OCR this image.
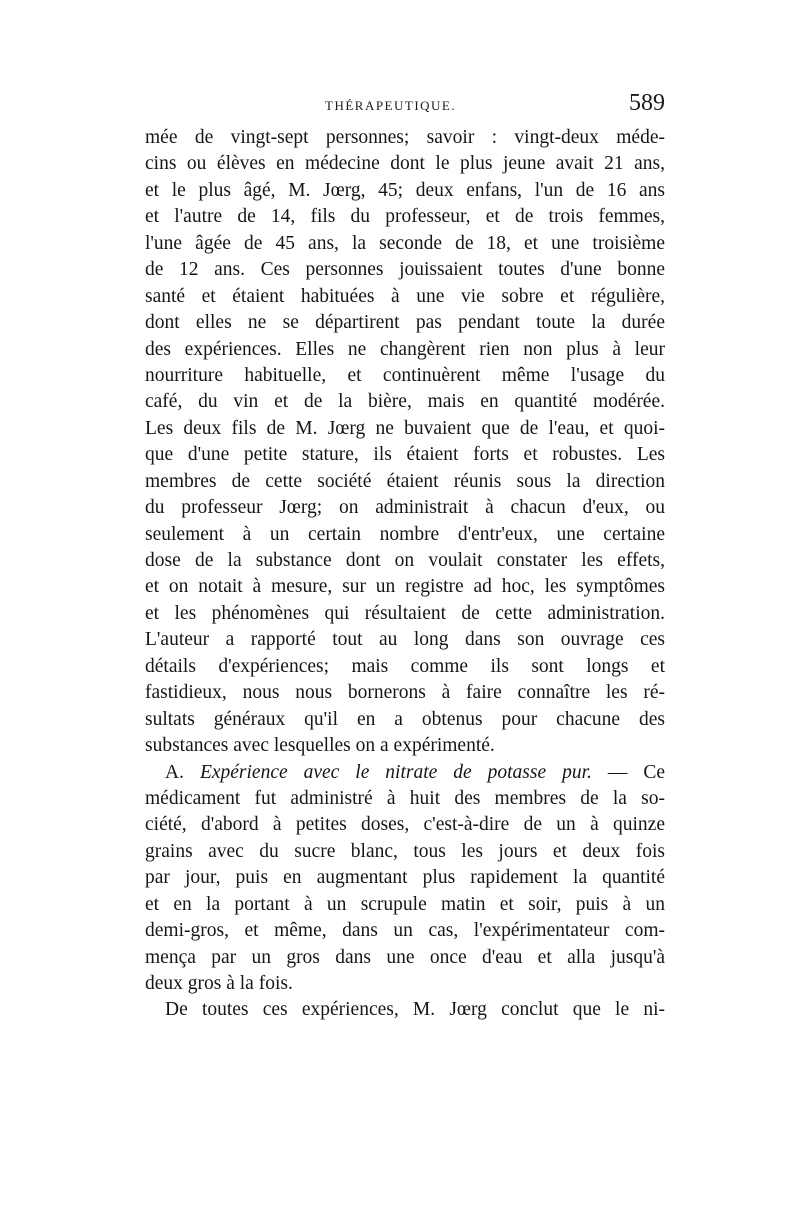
THÉRAPEUTIQUE.	589
mée de vingt-sept personnes; savoir : vingt-deux méde-
cins ou élèves en médecine dont le plus jeune avait 21 ans,
et le plus âgé, M. Jœrg, 45; deux enfans, l'un de 16 ans
et l'autre de 14, fils du professeur, et de trois femmes,
l'une âgée de 45 ans, la seconde de 18, et une troisième
de 12 ans. Ces personnes jouissaient toutes d'une bonne
santé et étaient habituées à une vie sobre et régulière,
dont elles ne se départirent pas pendant toute la durée
des expériences. Elles ne changèrent rien non plus à leur
nourriture habituelle, et continuèrent même l'usage du
café, du vin et de la bière, mais en quantité modérée.
Les deux fils de M. Jœrg ne buvaient que de l'eau, et quoi-
que d'une petite stature, ils étaient forts et robustes. Les
membres de cette société étaient réunis sous la direction
du professeur Jœrg; on administrait à chacun d'eux, ou
seulement à un certain nombre d'entr'eux, une certaine
dose de la substance dont on voulait constater les effets,
et on notait à mesure, sur un registre ad hoc, les symptômes
et les phénomènes qui résultaient de cette administration.
L'auteur a rapporté tout au long dans son ouvrage ces
détails d'expériences; mais comme ils sont longs et
fastidieux, nous nous bornerons à faire connaître les ré-
sultats généraux qu'il en a obtenus pour chacune des
substances avec lesquelles on a expérimenté.
A. Expérience avec le nitrate de potasse pur. — Ce
médicament fut administré à huit des membres de la so-
ciété, d'abord à petites doses, c'est-à-dire de un à quinze
grains avec du sucre blanc, tous les jours et deux fois
par jour, puis en augmentant plus rapidement la quantité
et en la portant à un scrupule matin et soir, puis à un
demi-gros, et même, dans un cas, l'expérimentateur com-
mença par un gros dans une once d'eau et alla jusqu'à
deux gros à la fois.
De toutes ces expériences, M. Jœrg conclut que le ni-
